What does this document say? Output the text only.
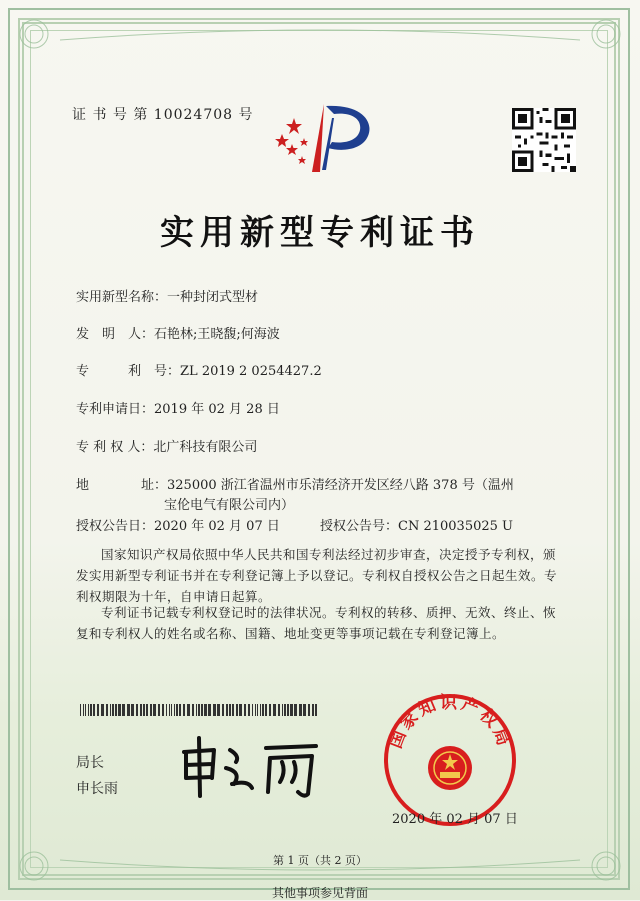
证 书 号 第 10024708 号
实用新型专利证书
实用新型名称：一种封闭式型材
发　明　人：石艳林;王晓馥;何海波
专　　　利　号：ZL 2019 2 0254427.2
专利申请日：2019 年 02 月 28 日
专 利 权 人：北广科技有限公司
地　　　　址：325000 浙江省温州市乐清经济开发区经八路 378 号（温州
宝伦电气有限公司内）
授权公告日：2020 年 02 月 07 日	授权公告号：CN 210035025 U
国家知识产权局依照中华人民共和国专利法经过初步审查，决定授予专利权，颁发实用新型专利证书并在专利登记簿上予以登记。专利权自授权公告之日起生效。专利权期限为十年，自申请日起算。
专利证书记载专利权登记时的法律状况。专利权的转移、质押、无效、终止、恢复和专利权人的姓名或名称、国籍、地址变更等事项记载在专利登记簿上。
局长
申长雨
国家知识产权局
2020 年 02 月 07 日
第 1 页（共 2 页）
其他事项参见背面
